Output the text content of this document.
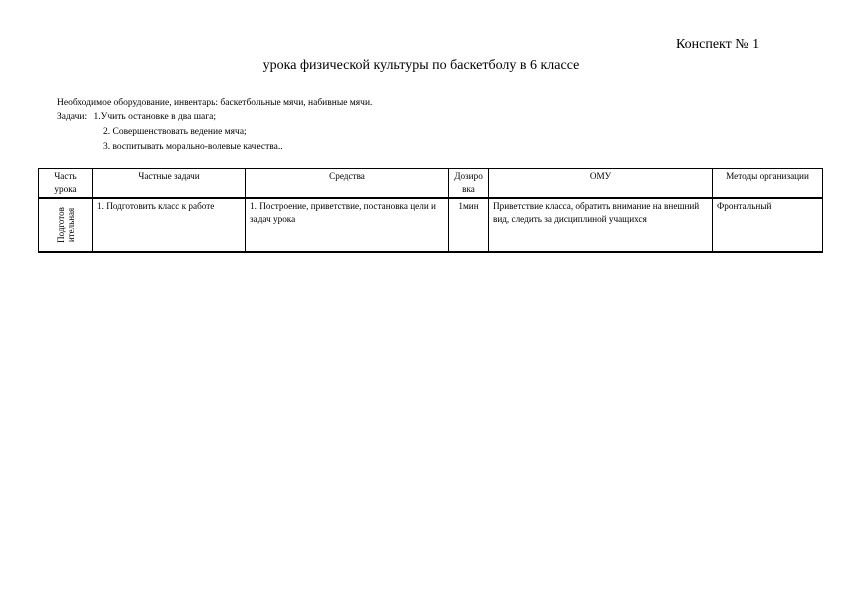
Конспект № 1
урока физической культуры по баскетболу в 6 классе
Необходимое оборудование, инвентарь: баскетбольные мячи, набивные мячи.
Задачи: 1.Учить остановке в два шага;
2. Совершенствовать ведение мяча;
3. воспитывать морально-волевые качества..
Часть урока	Частные задачи	Средства	Дозировка	ОМУ	Методы организации

Подготов ительная	1. Подготовить класс к работе	1. Построение, приветствие, постановка цели и задач урока	1мин	Приветствие класса, обратить внимание на внешний вид, следить за дисциплиной учащихся	Фронтальный
